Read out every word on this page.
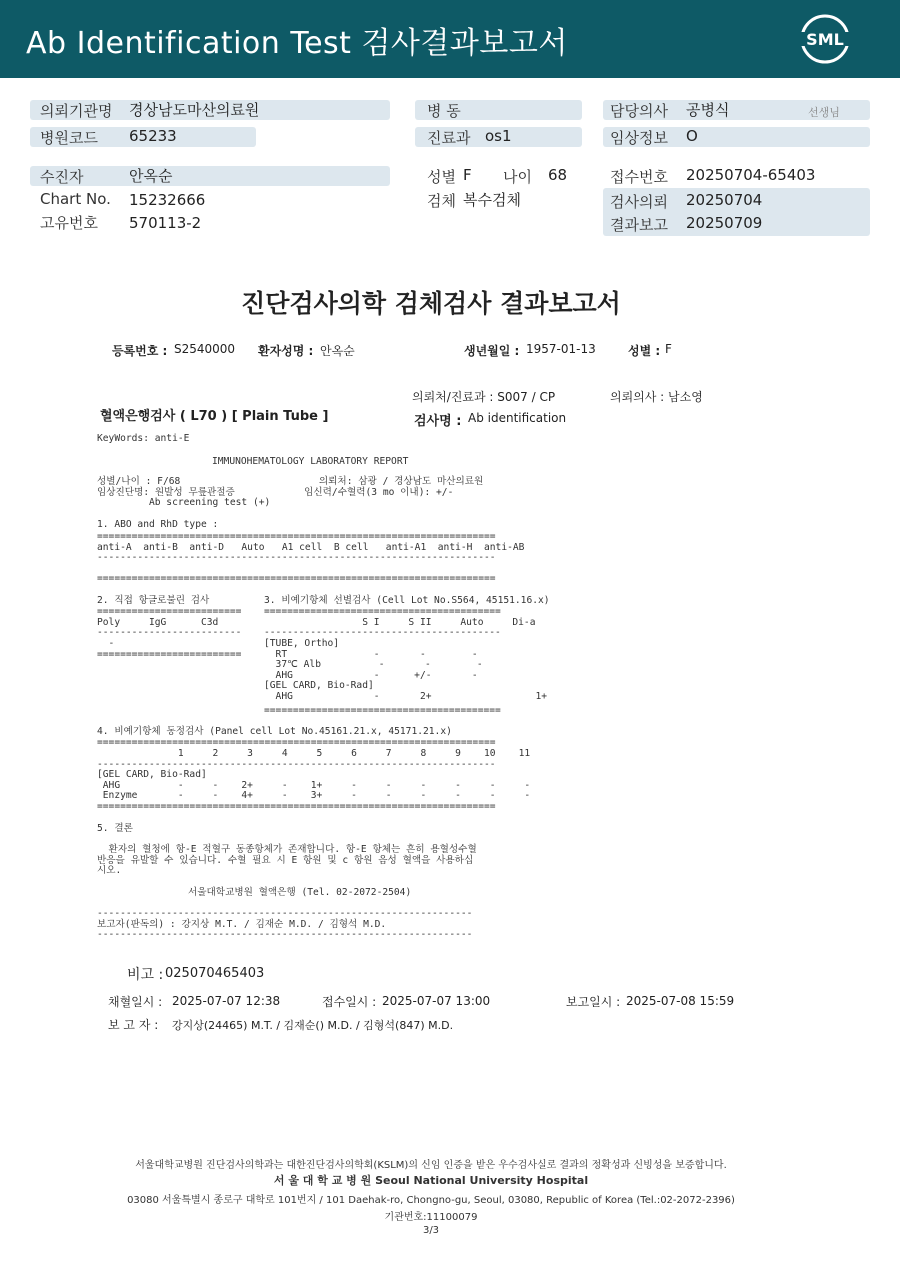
Ab Identification Test 검사결과보고서	SML
의뢰기관명 경상남도마산의료원
병원코드 65233
병 동
진료과 os1
담당의사 공병식	선생님
임상정보 O
수진자	안옥순
Chart No. 15232666
고유번호 570113-2
성별 F 나이 68
검체 복수검체
접수번호 20250704-65403
검사의뢰 20250704
결과보고 20250709
진단검사의학 검체검사 결과보고서
등록번호 : S2540000 환자성명 : 안옥순	생년월일 : 1957-01-13	성별 : F
의뢰처/진료과 : S007 / CP	의뢰의사 : 남소영
혈액은행검사 ( L70 ) [ Plain Tube ]	검사명 : Ab identification
KeyWords: anti-E
IMMUNOHEMATOLOGY LABORATORY REPORT
성별/나이 : F/68                        의뢰처: 삼광 / 경상남도 마산의료원
임상진단명: 원발성 무릎관절증            임신력/수혈력(3 mo 이내): +/-
Ab screening test (+)
1. ABO and RhD type :
=====================================================================
anti-A  anti-B  anti-D   Auto   A1 cell  B cell   anti-A1  anti-H  anti-AB
---------------------------------------------------------------------
=====================================================================
2. 직접 항글로불린 검사
=========================
Poly     IgG      C3d
-------------------------
-
=========================
3. 비예기항체 선별검사 (Cell Lot No.S564, 45151.16.x)
=========================================
S I     S II     Auto     Di-a
-----------------------------------------
[TUBE, Ortho]
RT               -       -        -
37℃ Alb          -       -        -
AHG              -      +/-       -
[GEL CARD, Bio-Rad]
AHG              -       2+                  1+
=========================================
4. 비예기항체 동정검사 (Panel cell Lot No.45161.21.x, 45171.21.x)
=====================================================================
1     2     3     4     5     6     7     8     9    10    11
---------------------------------------------------------------------
[GEL CARD, Bio-Rad]
AHG          -     -    2+     -    1+     -     -     -     -     -     -
Enzyme       -     -    4+     -    3+     -     -     -     -     -     -
=====================================================================
5. 결론
환자의 혈청에 항-E 적혈구 동종항체가 존재합니다. 항-E 항체는 흔히 용혈성수혈
반응을 유발할 수 있습니다. 수혈 필요 시 E 항원 및 c 항원 음성 혈액을 사용하십
시오.
서울대학교병원 혈액은행 (Tel. 02-2072-2504)
-----------------------------------------------------------------
보고자(판독의) : 강지상 M.T. / 김재순 M.D. / 김형석 M.D.
-----------------------------------------------------------------
비고 : 025070465403
채혈일시 : 2025-07-07 12:38	접수일시 : 2025-07-07 13:00	보고일시 : 2025-07-08 15:59
보 고 자 : 강지상(24465) M.T. / 김재순() M.D. / 김형석(847) M.D.
서울대학교병원 진단검사의학과는 대한진단검사의학회(KSLM)의 신임 인증을 받은 우수검사실로 결과의 정확성과 신빙성을 보증합니다.
서 울 대 학 교 병 원 Seoul National University Hospital
03080 서울특별시 종로구 대학로 101번지 / 101 Daehak-ro, Chongno-gu, Seoul, 03080, Republic of Korea (Tel.:02-2072-2396)
기관번호:11100079
3/3
